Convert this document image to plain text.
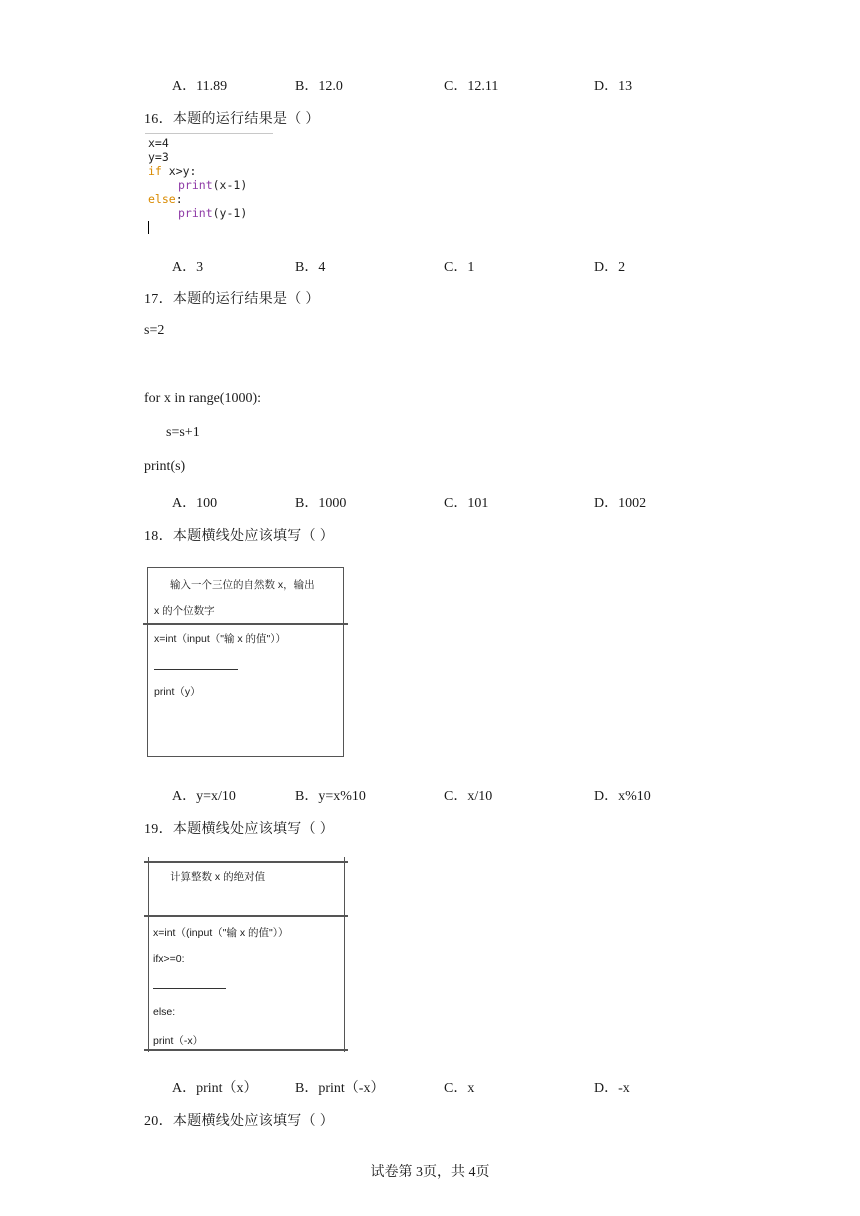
A．11.89	B．12.0	C．12.11	D．13
16．本题的运行结果是（ ）
x=4
y=3
if x>y:
print(x-1)
else:
print(y-1)
A．3	B．4	C．1	D．2
17．本题的运行结果是（ ）
s=2
for x in range(1000):
s=s+1
print(s)
A．100	B．1000	C．101	D．1002
18．本题横线处应该填写（ ）
输入一个三位的自然数 x，输出
x 的个位数字
x=int（input（"输 x 的值"））
print（y）
A．y=x/10	B．y=x%10	C．x/10	D．x%10
19．本题横线处应该填写（ ）
计算整数 x 的绝对值
x=int（(input（"输 x 的值"））
ifx>=0:
else:
print（-x）
A．print（x）	B．print（-x）	C．x	D．-x
20．本题横线处应该填写（ ）
试卷第 3页，共 4页
